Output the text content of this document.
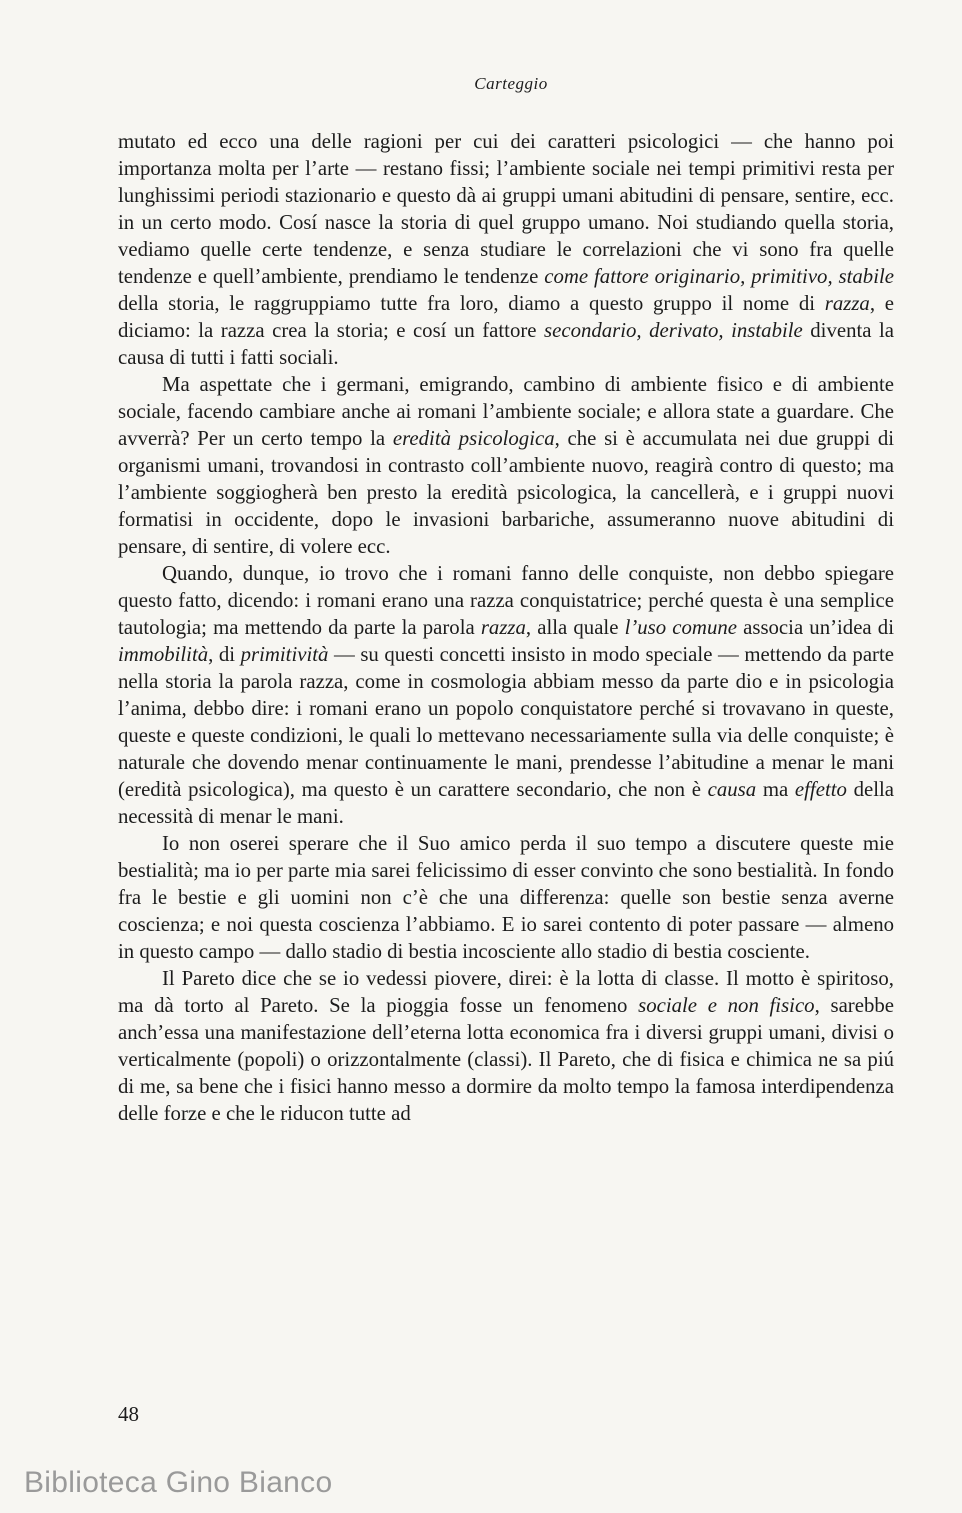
Carteggio

mutato ed ecco una delle ragioni per cui dei caratteri psicologici — che hanno poi importanza molta per l’arte — restano fissi; l’ambiente sociale nei tempi primitivi resta per lunghissimi periodi stazionario e questo dà ai gruppi umani abitudini di pensare, sentire, ecc. in un certo modo. Cosí nasce la storia di quel gruppo umano. Noi studiando quella storia, vediamo quelle certe tendenze, e senza studiare le correlazioni che vi sono fra quelle tendenze e quell’ambiente, prendiamo le tendenze come fattore originario, primitivo, stabile della storia, le raggruppiamo tutte fra loro, diamo a questo gruppo il nome di razza, e diciamo: la razza crea la storia; e cosí un fattore secondario, derivato, instabile diventa la causa di tutti i fatti sociali.

Ma aspettate che i germani, emigrando, cambino di ambiente fisico e di ambiente sociale, facendo cambiare anche ai romani l’ambiente sociale; e allora state a guardare. Che avverrà? Per un certo tempo la eredità psicologica, che si è accumulata nei due gruppi di organismi umani, trovandosi in contrasto coll’ambiente nuovo, reagirà contro di questo; ma l’ambiente soggiogherà ben presto la eredità psicologica, la cancellerà, e i gruppi nuovi formatisi in occidente, dopo le invasioni barbariche, assumeranno nuove abitudini di pensare, di sentire, di volere ecc.

Quando, dunque, io trovo che i romani fanno delle conquiste, non debbo spiegare questo fatto, dicendo: i romani erano una razza conquistatrice; perché questa è una semplice tautologia; ma mettendo da parte la parola razza, alla quale l’uso comune associa un’idea di immobilità, di primitività — su questi concetti insisto in modo speciale — mettendo da parte nella storia la parola razza, come in cosmologia abbiam messo da parte dio e in psicologia l’anima, debbo dire: i romani erano un popolo conquistatore perché si trovavano in queste, queste e queste condizioni, le quali lo mettevano necessariamente sulla via delle conquiste; è naturale che dovendo menar continuamente le mani, prendesse l’abitudine a menar le mani (eredità psicologica), ma questo è un carattere secondario, che non è causa ma effetto della necessità di menar le mani.

Io non oserei sperare che il Suo amico perda il suo tempo a discutere queste mie bestialità; ma io per parte mia sarei felicissimo di esser convinto che sono bestialità. In fondo fra le bestie e gli uomini non c’è che una differenza: quelle son bestie senza averne coscienza; e noi questa coscienza l’abbiamo. E io sarei contento di poter passare — almeno in questo campo — dallo stadio di bestia incosciente allo stadio di bestia cosciente.

Il Pareto dice che se io vedessi piovere, direi: è la lotta di classe. Il motto è spiritoso, ma dà torto al Pareto. Se la pioggia fosse un fenomeno sociale e non fisico, sarebbe anch’essa una manifestazione dell’eterna lotta economica fra i diversi gruppi umani, divisi o verticalmente (popoli) o orizzontalmente (classi). Il Pareto, che di fisica e chimica ne sa piú di me, sa bene che i fisici hanno messo a dormire da molto tempo la famosa interdipendenza delle forze e che le riducon tutte ad

48
Biblioteca Gino Bianco
